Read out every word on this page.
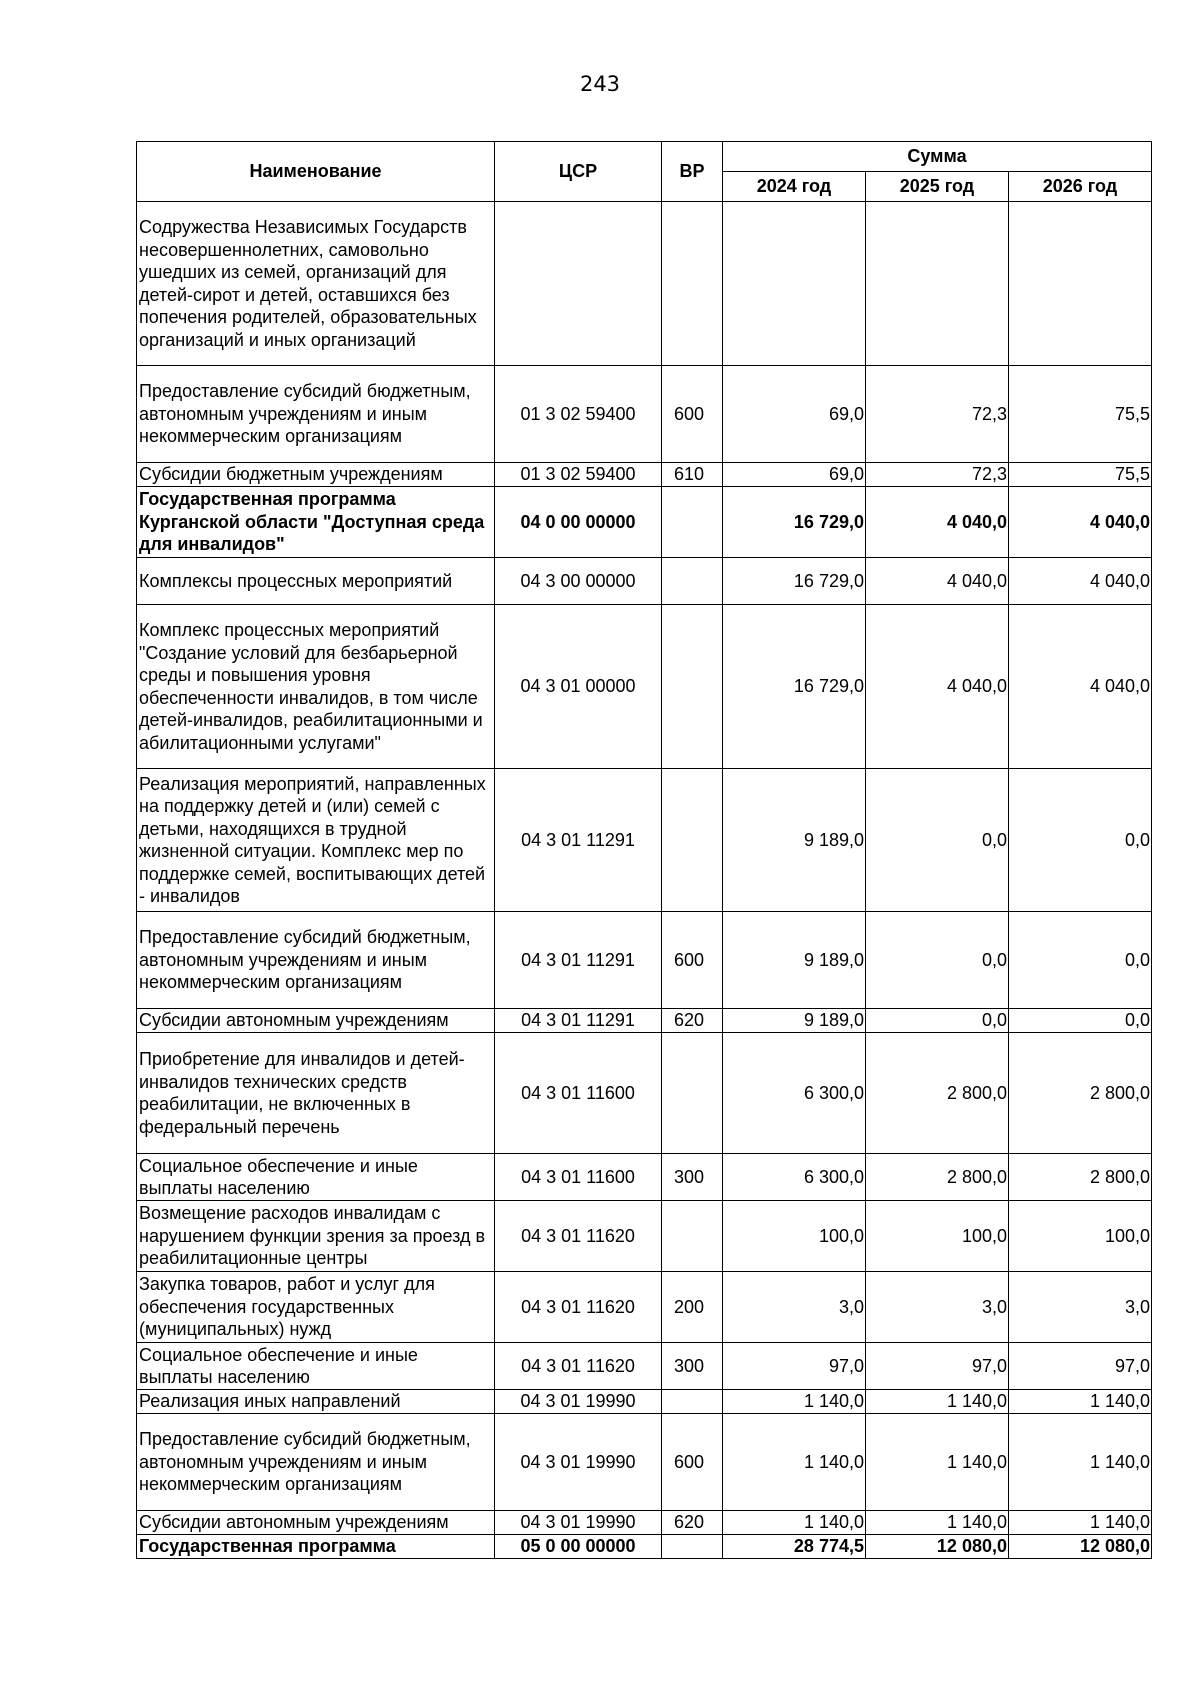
243
Наименование	ЦСР	ВР	Сумма		
			2024 год	2025 год	2026 год
Содружества Независимых Государств несовершеннолетних, самовольно ушедших из семей, организаций для детей-сирот и детей, оставшихся без попечения родителей, образовательных организаций и иных организаций					
Предоставление субсидий бюджетным, автономным учреждениям и иным некоммерческим организациям	01 3 02 59400	600	69,0	72,3	75,5
Субсидии бюджетным учреждениям	01 3 02 59400	610	69,0	72,3	75,5
Государственная программа Курганской области "Доступная среда для инвалидов"	04 0 00 00000		16 729,0	4 040,0	4 040,0
Комплексы процессных мероприятий	04 3 00 00000		16 729,0	4 040,0	4 040,0
Комплекс процессных мероприятий "Создание условий для безбарьерной среды и повышения уровня обеспеченности инвалидов, в том числе детей-инвалидов, реабилитационными и абилитационными услугами"	04 3 01 00000		16 729,0	4 040,0	4 040,0
Реализация мероприятий, направленных на поддержку детей и (или) семей с детьми, находящихся в трудной жизненной ситуации. Комплекс мер по поддержке семей, воспитывающих детей - инвалидов	04 3 01 11291		9 189,0	0,0	0,0
Предоставление субсидий бюджетным, автономным учреждениям и иным некоммерческим организациям	04 3 01 11291	600	9 189,0	0,0	0,0
Субсидии автономным учреждениям	04 3 01 11291	620	9 189,0	0,0	0,0
Приобретение для инвалидов и детей-инвалидов технических средств реабилитации, не включенных в федеральный перечень	04 3 01 11600		6 300,0	2 800,0	2 800,0
Социальное обеспечение и иные выплаты населению	04 3 01 11600	300	6 300,0	2 800,0	2 800,0
Возмещение расходов инвалидам с нарушением функции зрения за проезд в реабилитационные центры	04 3 01 11620		100,0	100,0	100,0
Закупка товаров, работ и услуг для обеспечения государственных (муниципальных) нужд	04 3 01 11620	200	3,0	3,0	3,0
Социальное обеспечение и иные выплаты населению	04 3 01 11620	300	97,0	97,0	97,0
Реализация иных направлений	04 3 01 19990		1 140,0	1 140,0	1 140,0
Предоставление субсидий бюджетным, автономным учреждениям и иным некоммерческим организациям	04 3 01 19990	600	1 140,0	1 140,0	1 140,0
Субсидии автономным учреждениям	04 3 01 19990	620	1 140,0	1 140,0	1 140,0
Государственная программа	05 0 00 00000		28 774,5	12 080,0	12 080,0
